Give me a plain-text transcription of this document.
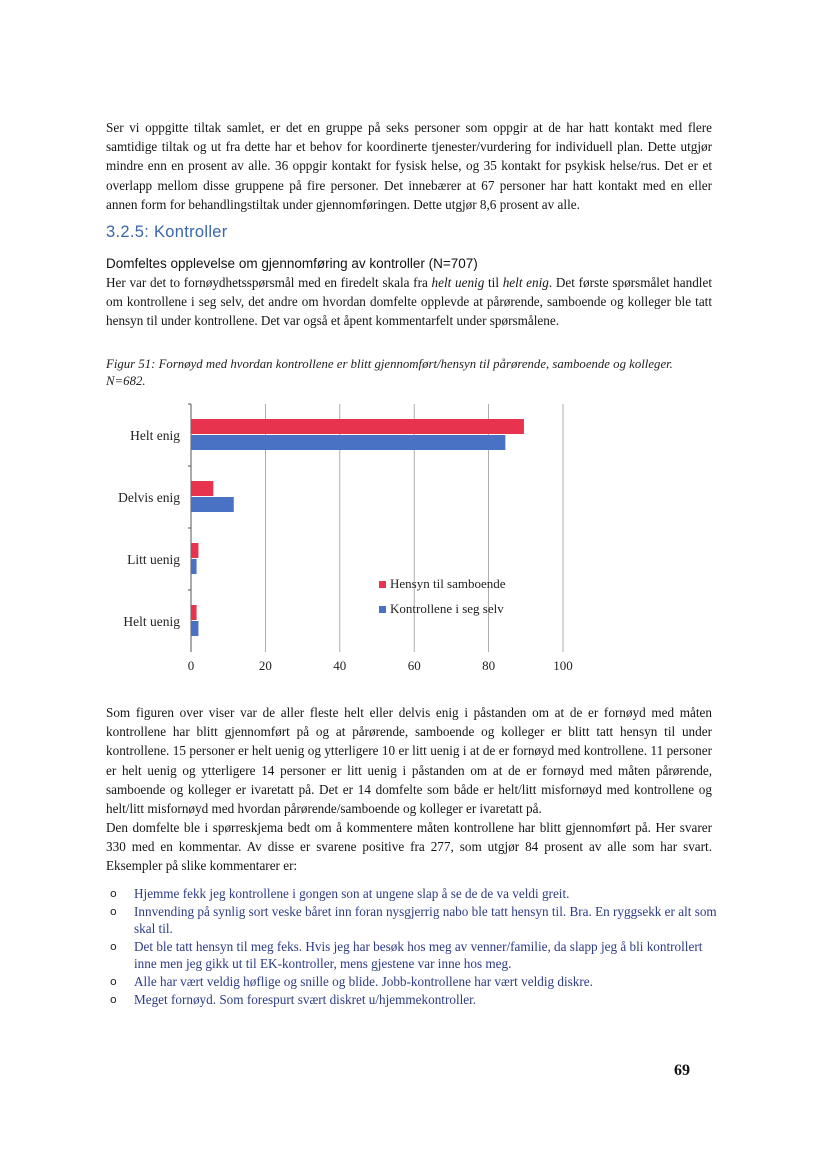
Ser vi oppgitte tiltak samlet, er det en gruppe på seks personer som oppgir at de har hatt kontakt med flere samtidige tiltak og ut fra dette har et behov for koordinerte tjenester/vurdering for individuell plan. Dette utgjør mindre enn en prosent av alle. 36 oppgir kontakt for fysisk helse, og 35 kontakt for psykisk helse/rus. Det er et overlapp mellom disse gruppene på fire personer. Det innebærer at 67 personer har hatt kontakt med en eller annen form for behandlingstiltak under gjennomføringen. Dette utgjør 8,6 prosent av alle.

3.2.5: Kontroller
Domfeltes opplevelse om gjennomføring av kontroller (N=707)

Her var det to fornøydhetsspørsmål med en firedelt skala fra helt uenig til helt enig. Det første spørsmålet handlet om kontrollene i seg selv, det andre om hvordan domfelte opplevde at pårørende, samboende og kolleger ble tatt hensyn til under kontrollene. Det var også et åpent kommentarfelt under spørsmålene.

Figur 51: Fornøyd med hvordan kontrollene er blitt gjennomført/hensyn til pårørende, samboende og kolleger. N=682.

Helt enig
Delvis enig
Litt uenig
Helt uenig
0	20	40	60	80	100
Hensyn til samboende
Kontrollene i seg selv

Som figuren over viser var de aller fleste helt eller delvis enig i påstanden om at de er fornøyd med måten kontrollene har blitt gjennomført på og at pårørende, samboende og kolleger er blitt tatt hensyn til under kontrollene. 15 personer er helt uenig og ytterligere 10 er litt uenig i at de er fornøyd med kontrollene. 11 personer er helt uenig og ytterligere 14 personer er litt uenig i påstanden om at de er fornøyd med måten pårørende, samboende og kolleger er ivaretatt på. Det er 14 domfelte som både er helt/litt misfornøyd med kontrollene og helt/litt misfornøyd med hvordan pårørende/samboende og kolleger er ivaretatt på.

Den domfelte ble i spørreskjema bedt om å kommentere måten kontrollene har blitt gjennomført på. Her svarer 330 med en kommentar. Av disse er svarene positive fra 277, som utgjør 84 prosent av alle som har svart. Eksempler på slike kommentarer er:

o Hjemme fekk jeg kontrollene i gongen son at ungene slap å se de de va veldi greit.
o Innvending på synlig sort veske båret inn foran nysgjerrig nabo ble tatt hensyn til. Bra. En ryggsekk er alt som skal til.
o Det ble tatt hensyn til meg feks. Hvis jeg har besøk hos meg av venner/familie, da slapp jeg å bli kontrollert inne men jeg gikk ut til EK-kontroller, mens gjestene var inne hos meg.
o Alle har vært veldig høflige og snille og blide. Jobb-kontrollene har vært veldig diskre.
o Meget fornøyd. Som forespurt svært diskret u/hjemmekontroller.

69
